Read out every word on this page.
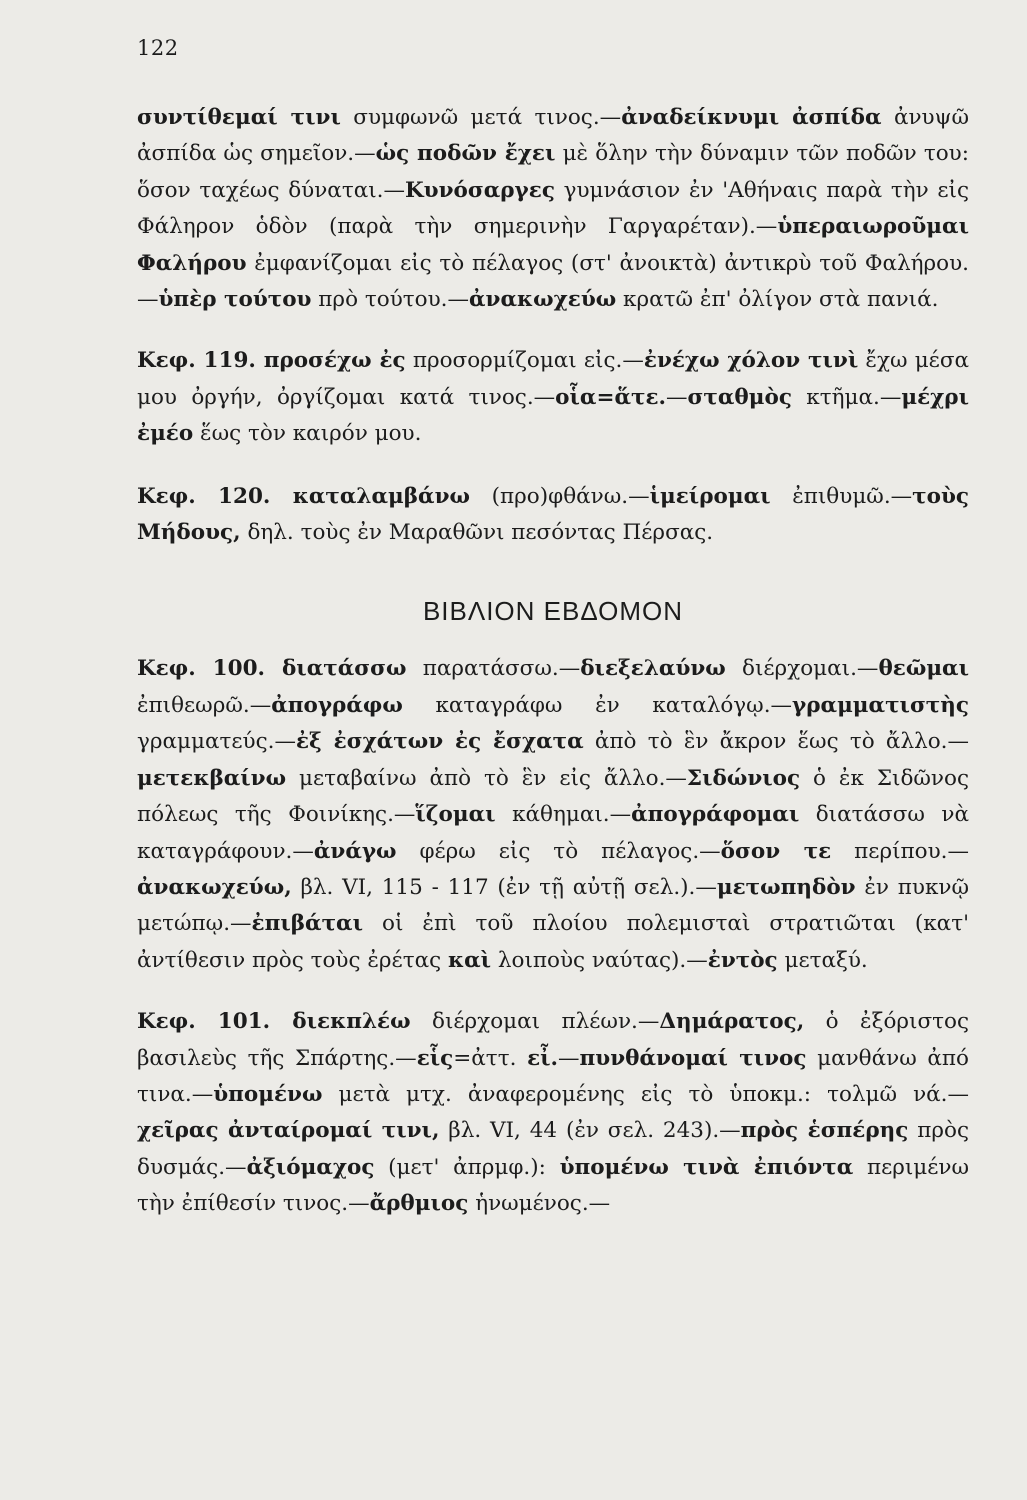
122

συντίθεμαί τινι συμφωνῶ μετά τινος.—ἀναδείκνυμι ἀσπίδα ἀνυψῶ ἀσπίδα ὡς σημεῖον.—ὡς ποδῶν ἔχει μὲ ὅλην τὴν δύναμιν τῶν ποδῶν του: ὅσον ταχέως δύναται.—Κυνόσαργες γυμνάσιον ἐν 'Αθήναις παρὰ τὴν εἰς Φάληρον ὁδὸν (παρὰ τὴν σημερινὴν Γαργαρέταν).—ὑπεραιωροῦμαι Φαλήρου ἐμφανίζομαι εἰς τὸ πέλαγος (στ' ἀνοικτὰ) ἀντικρὺ τοῦ Φαλήρου.—ὑπὲρ τούτου πρὸ τούτου.—ἀνακωχεύω κρατῶ ἐπ' ὀλίγον στὰ πανιά.

Κεφ. 119. προσέχω ἐς προσορμίζομαι εἰς.—ἐνέχω χόλον τινὶ ἔχω μέσα μου ὀργήν, ὀργίζομαι κατά τινος.—οἷα=ἅτε.—σταθμὸς κτῆμα.—μέχρι ἐμέο ἕως τὸν καιρόν μου.

Κεφ. 120. καταλαμβάνω (προ)φθάνω.—ἱμείρομαι ἐπιθυμῶ.—τοὺς Μήδους, δηλ. τοὺς ἐν Μαραθῶνι πεσόντας Πέρσας.

ΒΙΒΛΙΟΝ ΕΒΔΟΜΟΝ

Κεφ. 100. διατάσσω παρατάσσω.—διεξελαύνω διέρχομαι.—θεῶμαι ἐπιθεωρῶ.—ἀπογράφω καταγράφω ἐν καταλόγῳ.—γραμματιστὴς γραμματεύς.—ἐξ ἐσχάτων ἐς ἔσχατα ἀπὸ τὸ ἓν ἄκρον ἕως τὸ ἄλλο.—μετεκβαίνω μεταβαίνω ἀπὸ τὸ ἓν εἰς ἄλλο.—Σιδώνιος ὁ ἐκ Σιδῶνος πόλεως τῆς Φοινίκης.—ἵζομαι κάθημαι.—ἀπογράφομαι διατάσσω νὰ καταγράφουν.—ἀνάγω φέρω εἰς τὸ πέλαγος.—ὅσον τε περίπου.—ἀνακωχεύω, βλ. VI, 115 - 117 (ἐν τῇ αὐτῇ σελ.).—μετωπηδὸν ἐν πυκνῷ μετώπῳ.—ἐπιβάται οἱ ἐπὶ τοῦ πλοίου πολεμισταὶ στρατιῶται (κατ' ἀντίθεσιν πρὸς τοὺς ἐρέτας καὶ λοιποὺς ναύτας).—ἐντὸς μεταξύ.

Κεφ. 101. διεκπλέω διέρχομαι πλέων.—Δημάρατος, ὁ ἐξόριστος βασιλεὺς τῆς Σπάρτης.—εἷς=ἀττ. εἶ.—πυνθάνομαί τινος μανθάνω ἀπό τινα.—ὑπομένω μετὰ μτχ. ἀναφερομένης εἰς τὸ ὑποκμ.: τολμῶ νά.—χεῖρας ἀνταίρομαί τινι, βλ. VI, 44 (ἐν σελ. 243).—πρὸς ἑσπέρης πρὸς δυσμάς.—ἀξιόμαχος (μετ' ἀπρμφ.): ὑπομένω τινὰ ἐπιόντα περιμένω τὴν ἐπίθεσίν τινος.—ἄρθμιος ἡνωμένος.—
